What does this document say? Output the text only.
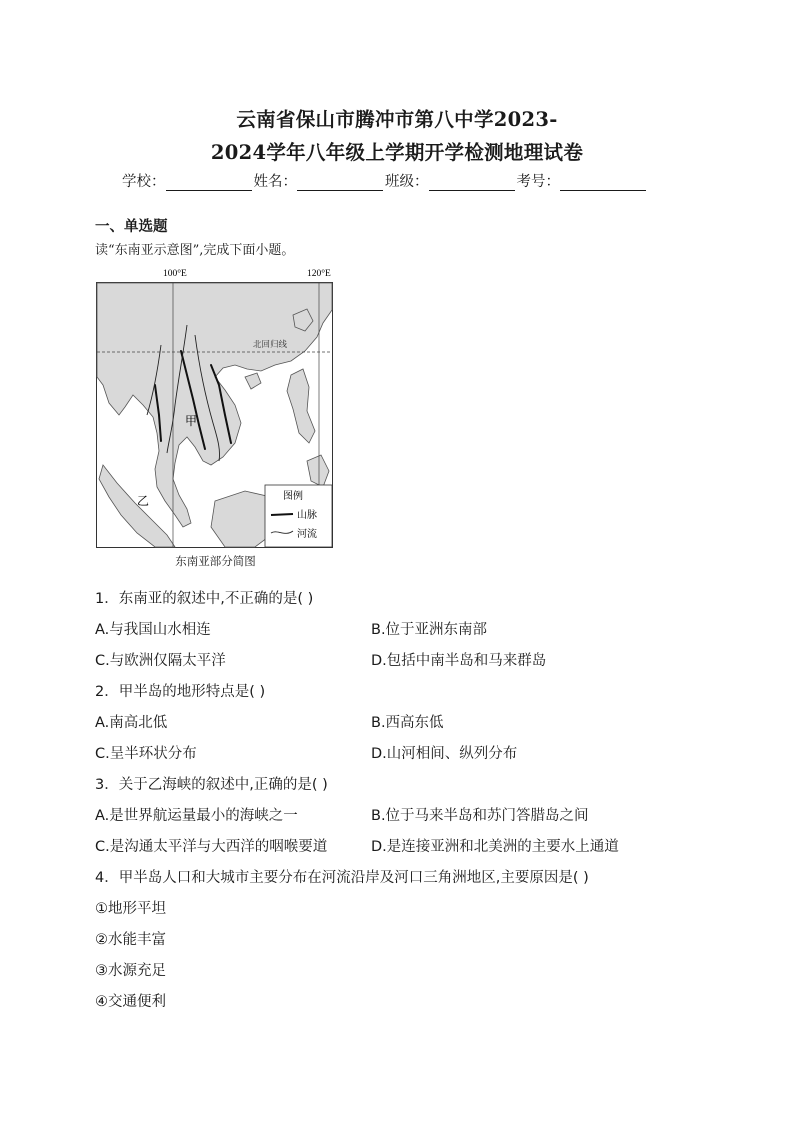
云南省保山市腾冲市第八中学2023-
2024学年八年级上学期开学检测地理试卷
学校：	姓名：	班级：	考号：
一、单选题
读“东南亚示意图”,完成下面小题。
100°E	120°E
北回归线
甲
乙	图例
山脉
河流
东南亚部分简图
1．东南亚的叙述中,不正确的是( )
A.与我国山水相连	B.位于亚洲东南部
C.与欧洲仅隔太平洋	D.包括中南半岛和马来群岛
2．甲半岛的地形特点是( )
A.南高北低	B.西高东低
C.呈半环状分布	D.山河相间、纵列分布
3．关于乙海峡的叙述中,正确的是( )
A.是世界航运量最小的海峡之一	B.位于马来半岛和苏门答腊岛之间
C.是沟通太平洋与大西洋的咽喉要道	D.是连接亚洲和北美洲的主要水上通道
4．甲半岛人口和大城市主要分布在河流沿岸及河口三角洲地区,主要原因是( )
①地形平坦
②水能丰富
③水源充足
④交通便利
